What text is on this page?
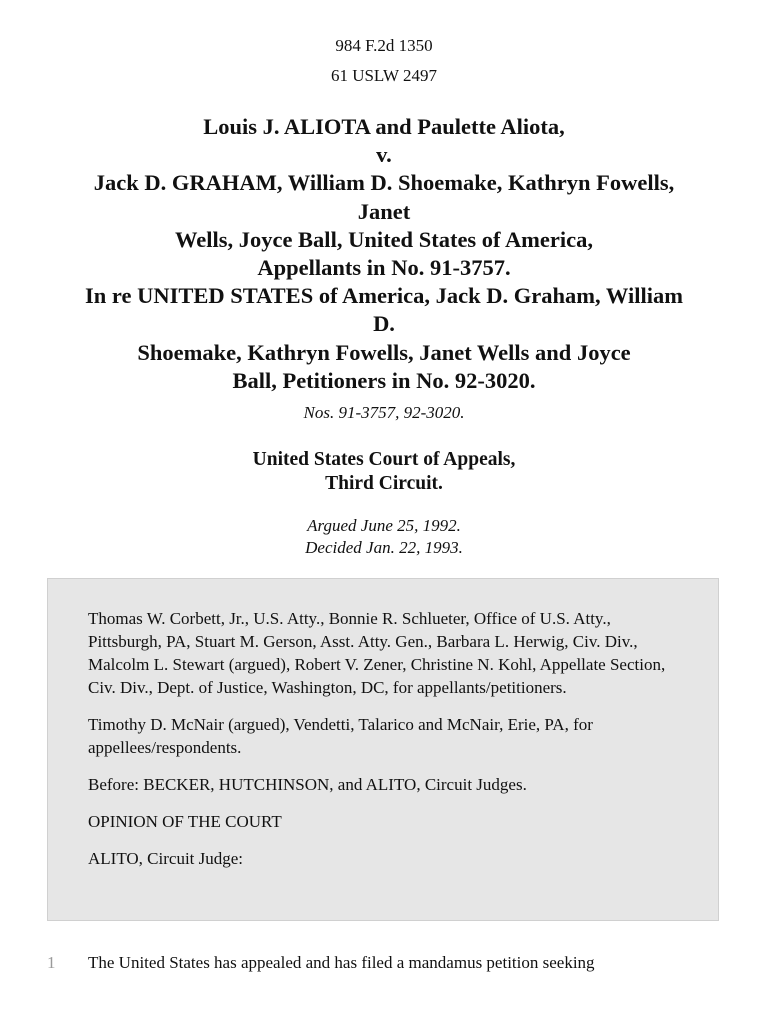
984 F.2d 1350
61 USLW 2497
Louis J. ALIOTA and Paulette Aliota,
v.
Jack D. GRAHAM, William D. Shoemake, Kathryn Fowells,
Janet
Wells, Joyce Ball, United States of America,
Appellants in No. 91-3757.
In re UNITED STATES of America, Jack D. Graham, William
D.
Shoemake, Kathryn Fowells, Janet Wells and Joyce
Ball, Petitioners in No. 92-3020.
Nos. 91-3757, 92-3020.
United States Court of Appeals,
Third Circuit.
Argued June 25, 1992.
Decided Jan. 22, 1993.

Thomas W. Corbett, Jr., U.S. Atty., Bonnie R. Schlueter, Office of U.S. Atty., Pittsburgh, PA, Stuart M. Gerson, Asst. Atty. Gen., Barbara L. Herwig, Civ. Div., Malcolm L. Stewart (argued), Robert V. Zener, Christine N. Kohl, Appellate Section, Civ. Div., Dept. of Justice, Washington, DC, for appellants/petitioners.

Timothy D. McNair (argued), Vendetti, Talarico and McNair, Erie, PA, for appellees/respondents.

Before: BECKER, HUTCHINSON, and ALITO, Circuit Judges.

OPINION OF THE COURT

ALITO, Circuit Judge:

1 The United States has appealed and has filed a mandamus petition seeking
